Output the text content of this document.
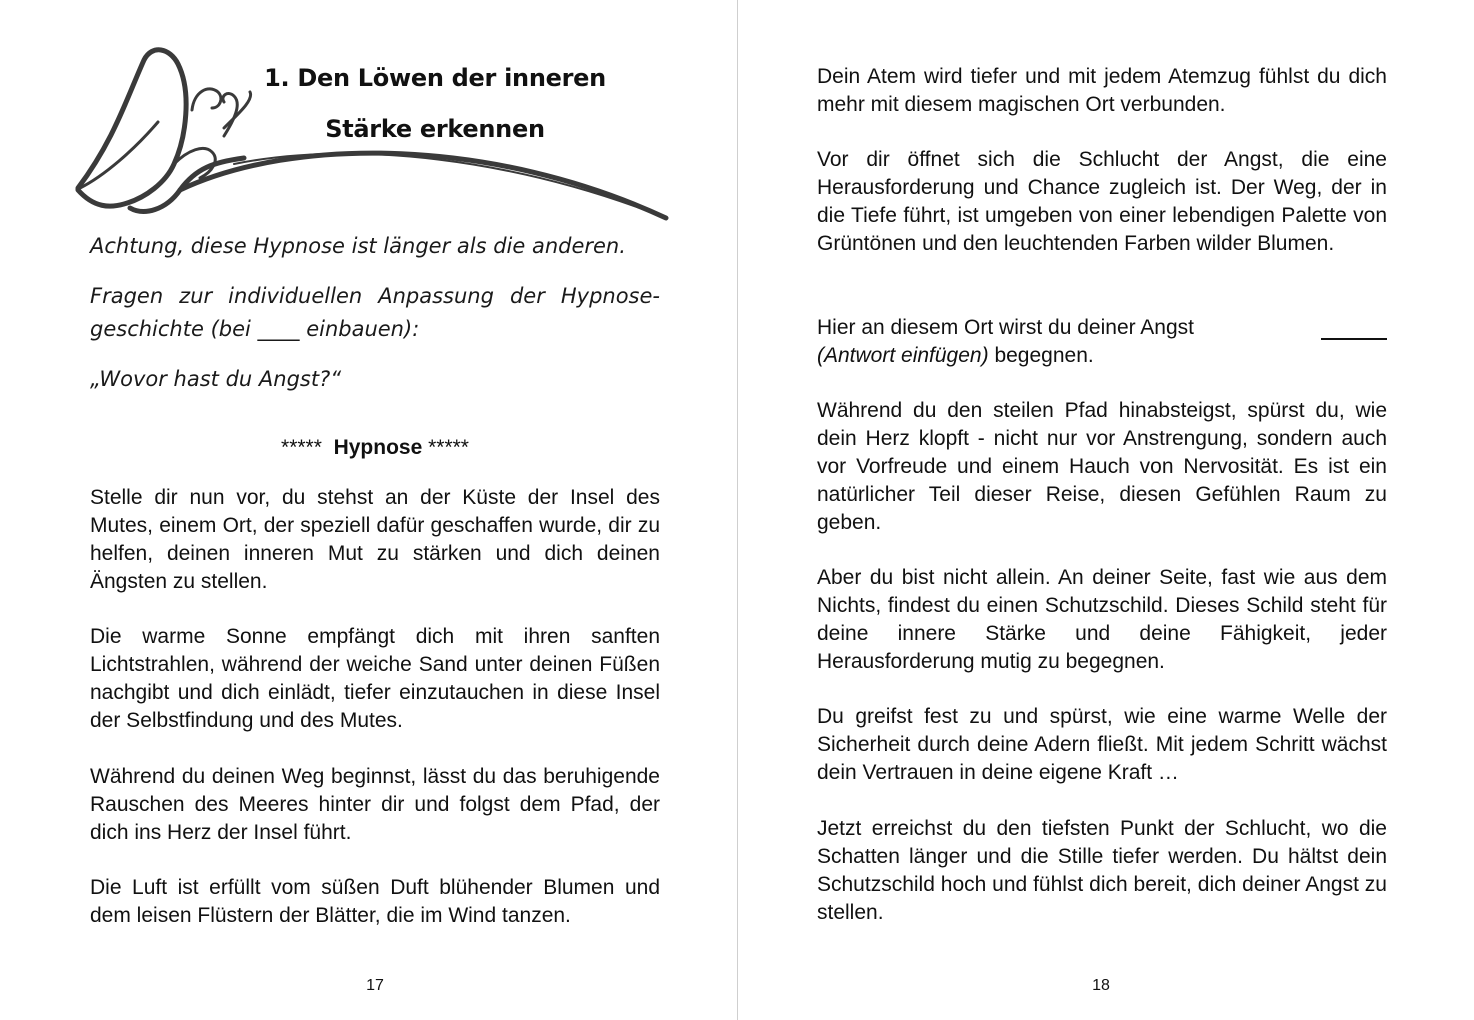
1. Den Löwen der inneren
Stärke erkennen
Achtung, diese Hypnose ist länger als die anderen.
Fragen zur individuellen Anpassung der Hypnosegeschichte (bei ____ einbauen):
„Wovor hast du Angst?“
***** Hypnose *****

Stelle dir nun vor, du stehst an der Küste der Insel des Mutes, einem Ort, der speziell dafür geschaffen wurde, dir zu helfen, deinen inneren Mut zu stärken und dich deinen Ängsten zu stellen.

Die warme Sonne empfängt dich mit ihren sanften Lichtstrahlen, während der weiche Sand unter deinen Füßen nachgibt und dich einlädt, tiefer einzutauchen in diese Insel der Selbstfindung und des Mutes.

Während du deinen Weg beginnst, lässt du das beruhigende Rauschen des Meeres hinter dir und folgst dem Pfad, der dich ins Herz der Insel führt.

Die Luft ist erfüllt vom süßen Duft blühender Blumen und dem leisen Flüstern der Blätter, die im Wind tanzen.

17

Dein Atem wird tiefer und mit jedem Atemzug fühlst du dich mehr mit diesem magischen Ort verbunden.

Vor dir öffnet sich die Schlucht der Angst, die eine Herausforderung und Chance zugleich ist. Der Weg, der in die Tiefe führt, ist umgeben von einer lebendigen Palette von Grüntönen und den leuchtenden Farben wilder Blumen.

Hier an diesem Ort wirst du deiner Angst

(Antwort einfügen) begegnen.

Während du den steilen Pfad hinabsteigst, spürst du, wie dein Herz klopft - nicht nur vor Anstrengung, sondern auch vor Vorfreude und einem Hauch von Nervosität. Es ist ein natürlicher Teil dieser Reise, diesen Gefühlen Raum zu geben.

Aber du bist nicht allein. An deiner Seite, fast wie aus dem Nichts, findest du einen Schutzschild. Dieses Schild steht für deine innere Stärke und deine Fähigkeit, jeder Herausforderung mutig zu begegnen.

Du greifst fest zu und spürst, wie eine warme Welle der Sicherheit durch deine Adern fließt. Mit jedem Schritt wächst dein Vertrauen in deine eigene Kraft …

Jetzt erreichst du den tiefsten Punkt der Schlucht, wo die Schatten länger und die Stille tiefer werden. Du hältst dein Schutzschild hoch und fühlst dich bereit, dich deiner Angst zu stellen.

18
